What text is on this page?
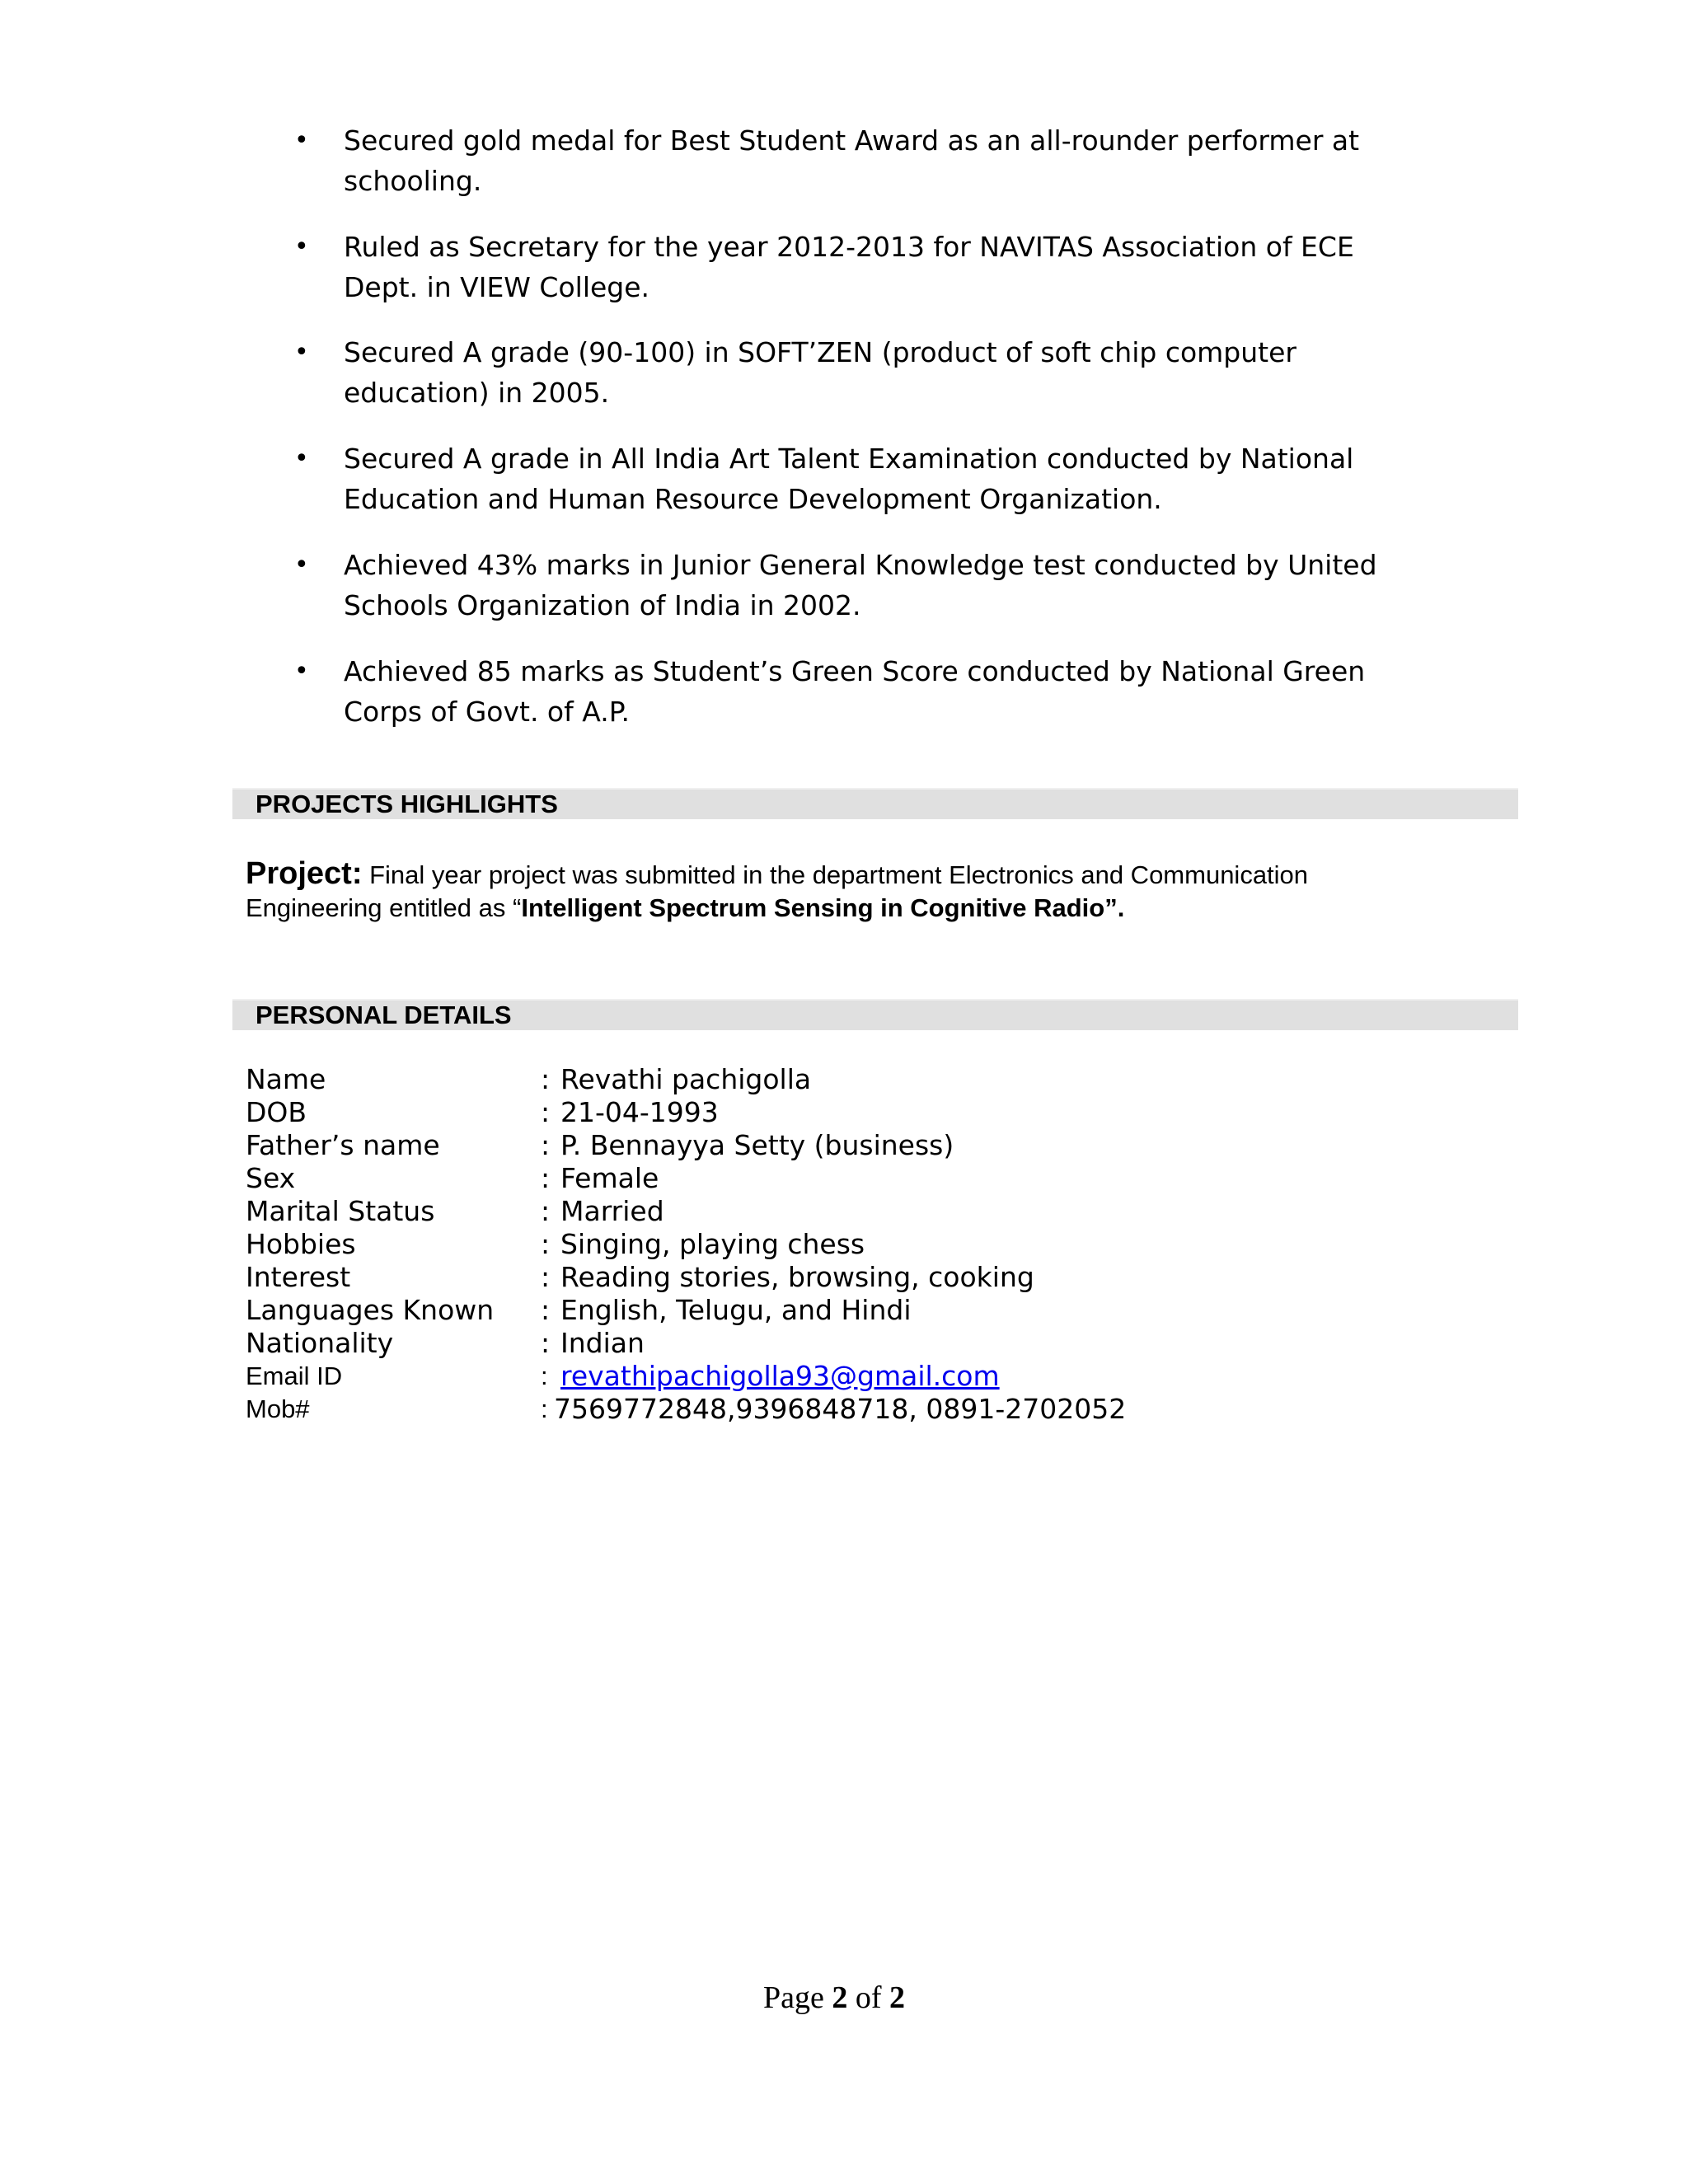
• Secured gold medal for Best Student Award as an all-rounder performer at
schooling.
• Ruled as Secretary for the year 2012-2013 for NAVITAS Association of ECE
Dept. in VIEW College.
• Secured A grade (90-100) in SOFT’ZEN (product of soft chip computer
education) in 2005.
• Secured A grade in All India Art Talent Examination conducted by National
Education and Human Resource Development Organization.
• Achieved 43% marks in Junior General Knowledge test conducted by United
Schools Organization of India in 2002.
• Achieved 85 marks as Student’s Green Score conducted by National Green
Corps of Govt. of A.P.
PROJECTS HIGHLIGHTS
Project: Final year project was submitted in the department Electronics and Communication
Engineering entitled as “Intelligent Spectrum Sensing in Cognitive Radio”.
PERSONAL DETAILS
Name	: Revathi pachigolla
DOB	: 21-04-1993
Father’s name	: P. Bennayya Setty (business)
Sex	: Female
Marital Status	: Married
Hobbies	: Singing, playing chess
Interest	: Reading stories, browsing, cooking
Languages Known : English, Telugu, and Hindi
Nationality	: Indian
Email ID	: revathipachigolla93@gmail.com
Mob#	: 7569772848,9396848718, 0891-2702052
Page 2 of 2
